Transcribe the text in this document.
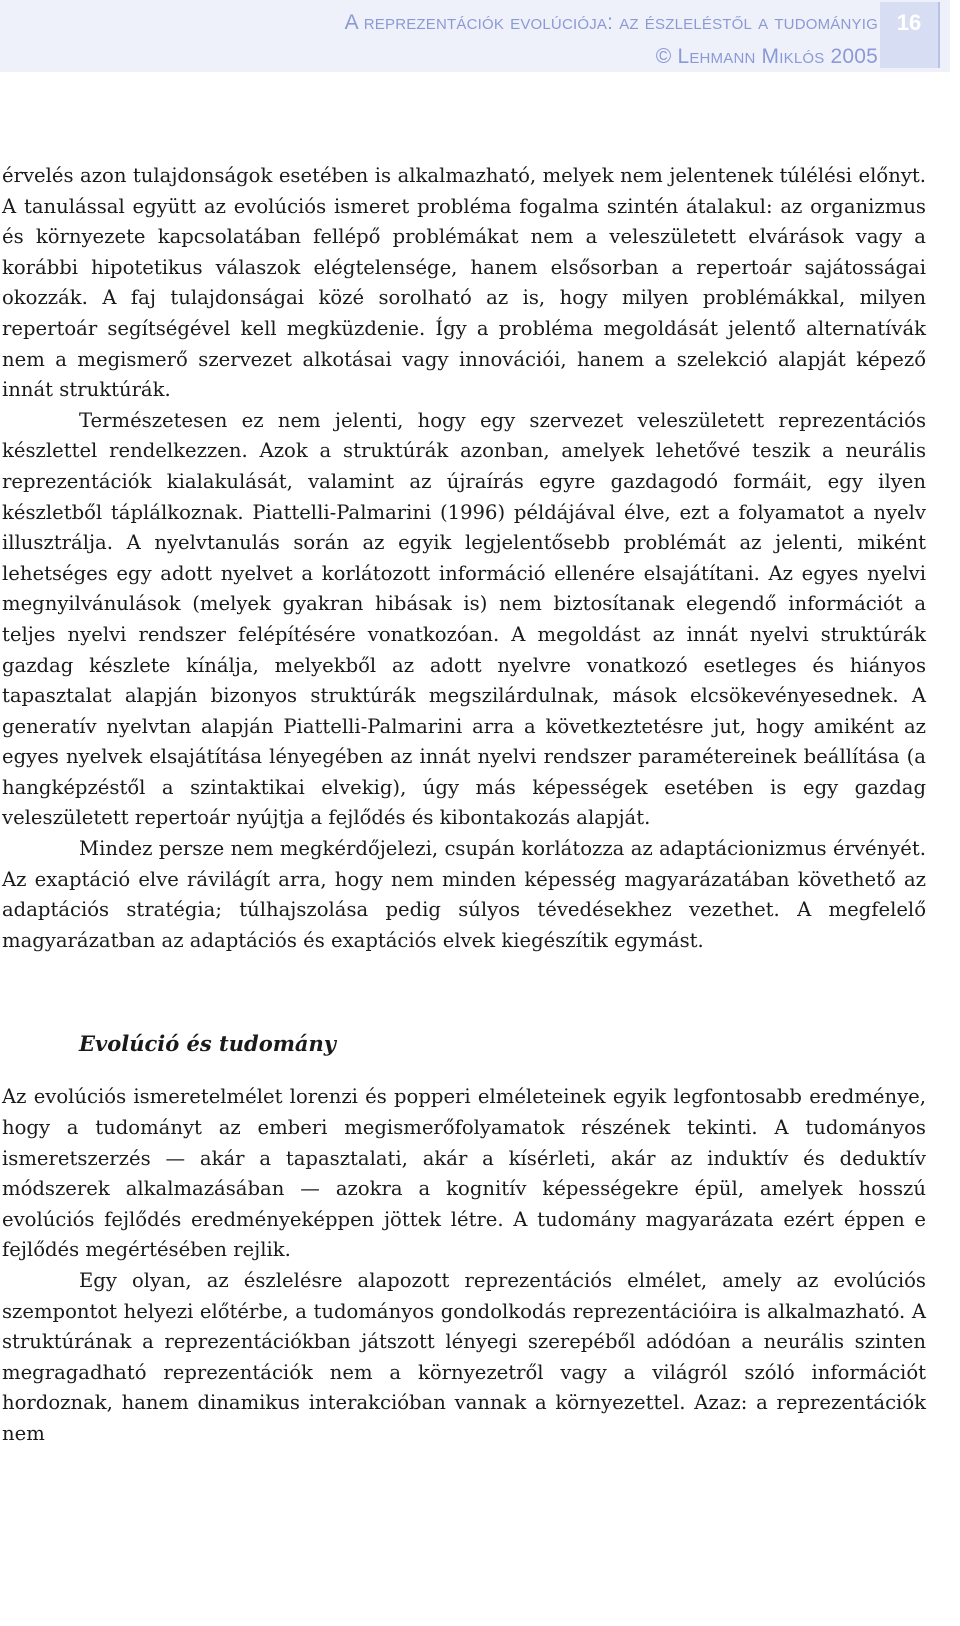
A reprezentációk evolúciója: az észleléstől a tudományig
© Lehmann Miklós 2005
16

érvelés azon tulajdonságok esetében is alkalmazható, melyek nem jelentenek túlélési előnyt. A tanulással együtt az evolúciós ismeret probléma fogalma szintén átalakul: az organizmus és környezete kapcsolatában fellépő problémákat nem a veleszületett elvárások vagy a korábbi hipotetikus válaszok elégtelensége, hanem elsősorban a repertoár sajátosságai okozzák. A faj tulajdonságai közé sorolható az is, hogy milyen problémákkal, milyen repertoár segítségével kell megküzdenie. Így a probléma megoldását jelentő alternatívák nem a megismerő szervezet alkotásai vagy innovációi, hanem a szelekció alapját képező innát struktúrák.

Természetesen ez nem jelenti, hogy egy szervezet veleszületett reprezentációs készlettel rendelkezzen. Azok a struktúrák azonban, amelyek lehetővé teszik a neurális reprezentációk kialakulását, valamint az újraírás egyre gazdagodó formáit, egy ilyen készletből táplálkoznak. Piattelli-Palmarini (1996) példájával élve, ezt a folyamatot a nyelv illusztrálja. A nyelvtanulás során az egyik legjelentősebb problémát az jelenti, miként lehetséges egy adott nyelvet a korlátozott információ ellenére elsajátítani. Az egyes nyelvi megnyilvánulások (melyek gyakran hibásak is) nem biztosítanak elegendő információt a teljes nyelvi rendszer felépítésére vonatkozóan. A megoldást az innát nyelvi struktúrák gazdag készlete kínálja, melyekből az adott nyelvre vonatkozó esetleges és hiányos tapasztalat alapján bizonyos struktúrák megszilárdulnak, mások elcsökevényesednek. A generatív nyelvtan alapján Piattelli-Palmarini arra a következtetésre jut, hogy amiként az egyes nyelvek elsajátítása lényegében az innát nyelvi rendszer paramétereinek beállítása (a hangképzéstől a szintaktikai elvekig), úgy más képességek esetében is egy gazdag veleszületett repertoár nyújtja a fejlődés és kibontakozás alapját.

Mindez persze nem megkérdőjelezi, csupán korlátozza az adaptácionizmus érvényét. Az exaptáció elve rávilágít arra, hogy nem minden képesség magyarázatában követhető az adaptációs stratégia; túlhajszolása pedig súlyos tévedésekhez vezethet. A megfelelő magyarázatban az adaptációs és exaptációs elvek kiegészítik egymást.

Evolúció és tudomány

Az evolúciós ismeretelmélet lorenzi és popperi elméleteinek egyik legfontosabb eredménye, hogy a tudományt az emberi megismerőfolyamatok részének tekinti. A tudományos ismeretszerzés — akár a tapasztalati, akár a kísérleti, akár az induktív és deduktív módszerek alkalmazásában — azokra a kognitív képességekre épül, amelyek hosszú evolúciós fejlődés eredményeképpen jöttek létre. A tudomány magyarázata ezért éppen e fejlődés megértésében rejlik.

Egy olyan, az észlelésre alapozott reprezentációs elmélet, amely az evolúciós szempontot helyezi előtérbe, a tudományos gondolkodás reprezentációira is alkalmazható. A struktúrának a reprezentációkban játszott lényegi szerepéből adódóan a neurális szinten megragadható reprezentációk nem a környezetről vagy a világról szóló információt hordoznak, hanem dinamikus interakcióban vannak a környezettel. Azaz: a reprezentációk nem
